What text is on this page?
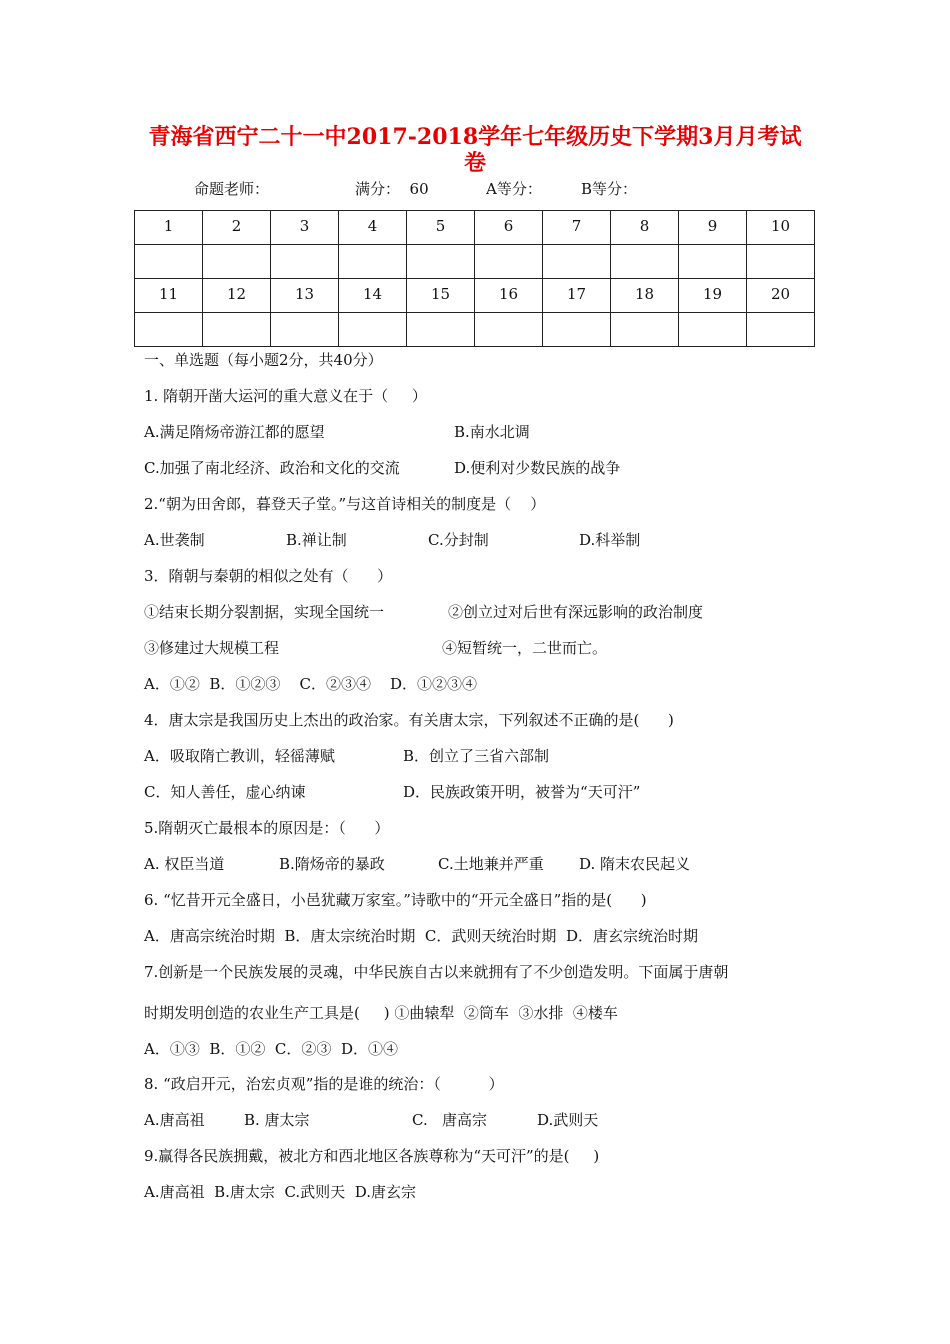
青海省西宁二十一中2017-2018学年七年级历史下学期3月月考试
卷
命题老师：	满分：  60	A等分：	B等分：
1	2	3	4	5	6	7	8	9	10

11	12	13	14	15	16	17	18	19	20

一、单选题（每小题2分，共40分）
1. 隋朝开凿大运河的重大意义在于（     ）
A.满足隋炀帝游江都的愿望	B.南水北调
C.加强了南北经济、政治和文化的交流	D.便利对少数民族的战争
2.“朝为田舍郎，暮登天子堂。”与这首诗相关的制度是（    ）
A.世袭制	B.禅让制	C.分封制	D.科举制
3．隋朝与秦朝的相似之处有（      ）
①结束长期分裂割据，实现全国统一	②创立过对后世有深远影响的政治制度
③修建过大规模工程	④短暂统一，二世而亡。
A．①②  B．①②③    C．②③④    D．①②③④
4．唐太宗是我国历史上杰出的政治家。有关唐太宗，下列叙述不正确的是(      )
A．吸取隋亡教训，轻徭薄赋	B．创立了三省六部制
C．知人善任，虚心纳谏	D．民族政策开明，被誉为“天可汗”
5.隋朝灭亡最根本的原因是：（      ）
A. 权臣当道	B.隋炀帝的暴政	C.土地兼并严重 D. 隋末农民起义
6. “忆昔开元全盛日，小邑犹藏万家室。”诗歌中的“开元全盛日”指的是(      )
A．唐高宗统治时期  B．唐太宗统治时期  C．武则天统治时期  D．唐玄宗统治时期
7.创新是一个民族发展的灵魂，中华民族自古以来就拥有了不少创造发明。下面属于唐朝
时期发明创造的农业生产工具是(     ) ①曲辕犁  ②筒车  ③水排  ④楼车
A．①③  B．①②  C．②③  D．①④
8. “政启开元，治宏贞观”指的是谁的统治：（          ）
A.唐高祖	B. 唐太宗	C.   唐高宗	D.武则天
9.赢得各民族拥戴，被北方和西北地区各族尊称为“天可汗”的是(     )
A.唐高祖  B.唐太宗  C.武则天  D.唐玄宗
